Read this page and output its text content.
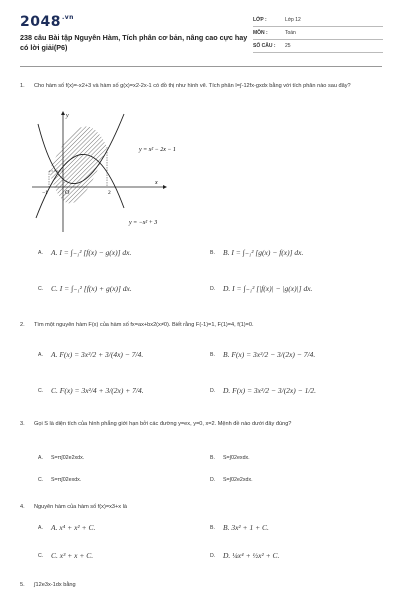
$2048^{.vn}$
238 câu Bài tập Nguyên Hàm, Tích phân cơ bản, nâng cao cực hay có lời giải(P6)
LỚP :	Lớp 12
MÔN :	Toán
SỐ CÂU :	25
1. Cho hàm số f(x)=-x2+3 và hàm số g(x)=x2-2x-1 có đồ thị như hình vẽ. Tích phân I=∫-12fx-gxdx bằng với tích phân nào sau đây?
y
x
O
−1	2
y = x² − 2x − 1
y = −x² + 3
A.	A. I = ∫₋₁² [f(x) − g(x)] dx.	B.	B. I = ∫₋₁² [g(x) − f(x)] dx.
C.	C. I = ∫₋₁² [f(x) + g(x)] dx.	D.	D. I = ∫₋₁² [|f(x)| − |g(x)|] dx.
2. Tìm một nguyên hàm F(x) của hàm số fx=ax+bx2(x≠0). Biết rằng F(-1)=1, F(1)=4, f(1)=0.
A.	A. F(x) = 3x²/2 + 3/(4x) − 7/4.	B.	B. F(x) = 3x²/2 − 3/(2x) − 7/4.
C.	C. F(x) = 3x²/4 + 3/(2x) + 7/4.	D.	D. F(x) = 3x²/2 − 3/(2x) − 1/2.
3. Gọi S là diện tích của hình phẳng giới hạn bởi các đường y=ex, y=0, x=2. Mệnh đề nào dưới đây đúng?
A.	S=π∫02e2xdx.	B.	S=∫02exdx.
C.	S=π∫02exdx.	D.	S=∫02e2xdx.
4. Nguyên hàm của hàm số f(x)=x3+x là
A.	A. x⁴ + x² + C.	B.	B. 3x² + 1 + C.
C.	C. x³ + x + C.	D.	D. ¼x⁴ + ½x² + C.
5. ∫12e3x-1dx bằng
